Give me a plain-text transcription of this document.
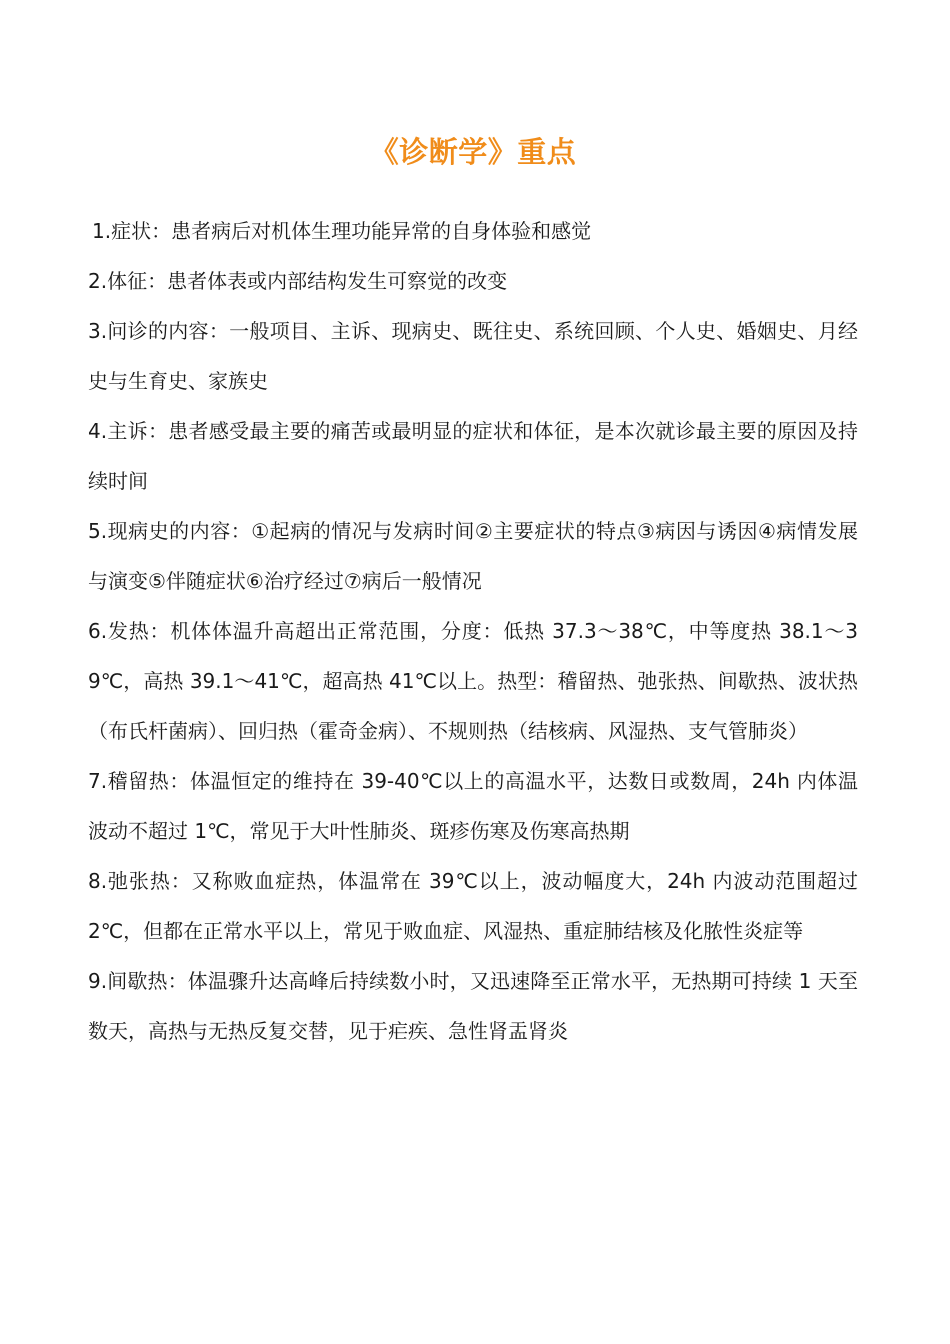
《诊断学》重点

1.症状：患者病后对机体生理功能异常的自身体验和感觉

2.体征：患者体表或内部结构发生可察觉的改变

3.问诊的内容：一般项目、主诉、现病史、既往史、系统回顾、个人史、婚姻史、月经史与生育史、家族史

4.主诉：患者感受最主要的痛苦或最明显的症状和体征，是本次就诊最主要的原因及持续时间

5.现病史的内容：①起病的情况与发病时间②主要症状的特点③病因与诱因④病情发展与演变⑤伴随症状⑥治疗经过⑦病后一般情况

6.发热：机体体温升高超出正常范围，分度：低热 37.3～38℃，中等度热 38.1～39℃，高热 39.1～41℃，超高热 41℃以上。热型：稽留热、弛张热、间歇热、波状热（布氏杆菌病）、回归热（霍奇金病）、不规则热（结核病、风湿热、支气管肺炎）

7.稽留热：体温恒定的维持在 39-40℃以上的高温水平，达数日或数周，24h 内体温波动不超过 1℃，常见于大叶性肺炎、斑疹伤寒及伤寒高热期

8.弛张热：又称败血症热，体温常在 39℃以上，波动幅度大，24h 内波动范围超过 2℃，但都在正常水平以上，常见于败血症、风湿热、重症肺结核及化脓性炎症等

9.间歇热：体温骤升达高峰后持续数小时，又迅速降至正常水平，无热期可持续 1 天至数天，高热与无热反复交替，见于疟疾、急性肾盂肾炎
